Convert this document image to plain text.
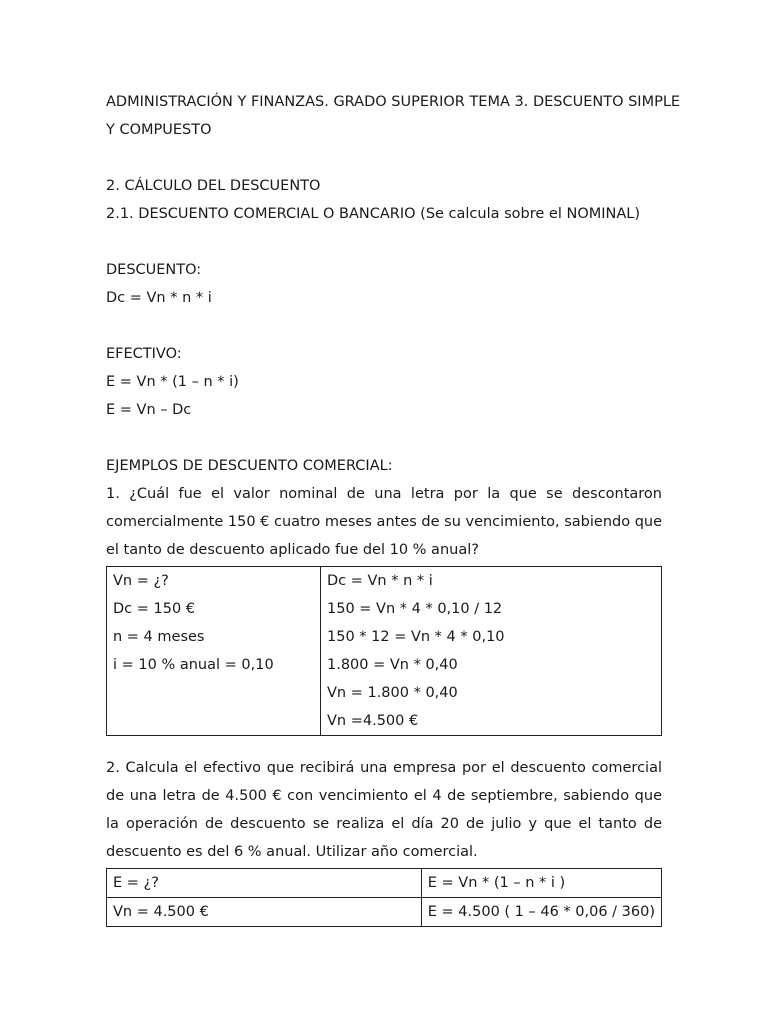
ADMINISTRACIÓN Y FINANZAS. GRADO SUPERIOR TEMA 3. DESCUENTO SIMPLE
Y COMPUESTO
2. CÁLCULO DEL DESCUENTO
2.1. DESCUENTO COMERCIAL O BANCARIO (Se calcula sobre el NOMINAL)
DESCUENTO:
Dc = Vn * n * i
EFECTIVO:
E = Vn * (1 – n * i)
E = Vn – Dc
EJEMPLOS DE DESCUENTO COMERCIAL:
1. ¿Cuál fue el valor nominal de una letra por la que se descontaron comercialmente 150 € cuatro meses antes de su vencimiento, sabiendo que el tanto de descuento aplicado fue del 10 % anual?
Vn = ¿?
Dc = 150 €
n = 4 meses
i = 10 % anual = 0,10

Dc = Vn * n * i
150 = Vn * 4 * 0,10 / 12
150 * 12 = Vn * 4 * 0,10
1.800 = Vn * 0,40
Vn = 1.800 * 0,40
Vn =4.500 €
2. Calcula el efectivo que recibirá una empresa por el descuento comercial de una letra de 4.500 € con vencimiento el 4 de septiembre, sabiendo que la operación de descuento se realiza el día 20 de julio y que el tanto de descuento es del 6 % anual. Utilizar año comercial.
E = ¿?	E = Vn * (1 – n * i )

Vn = 4.500 €	E = 4.500 ( 1 – 46 * 0,06 / 360)
